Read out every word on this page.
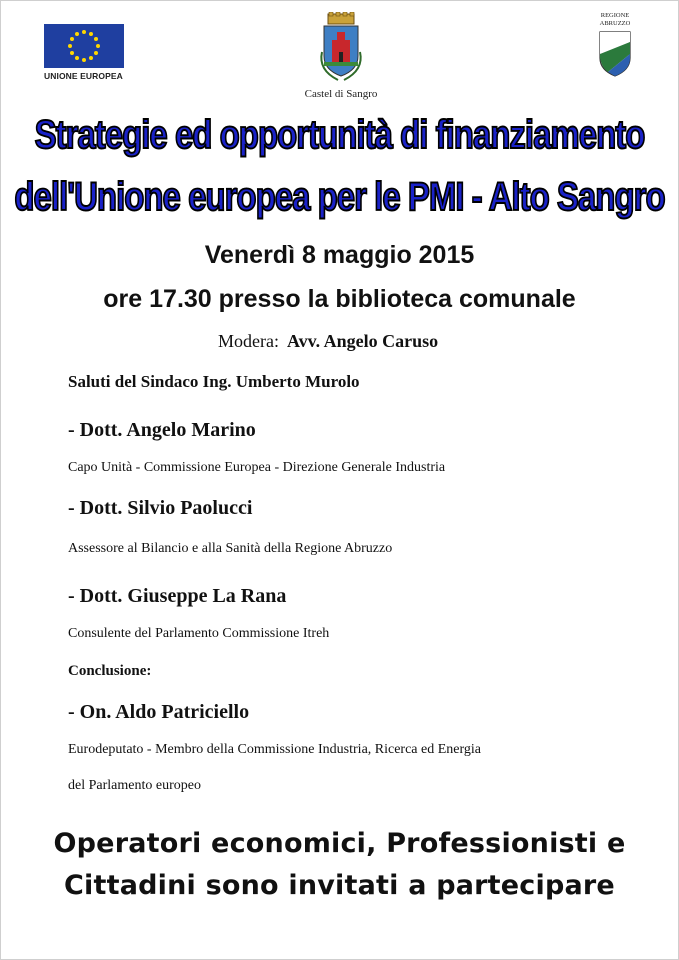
UNIONE EUROPEA
Castel di Sangro
REGIONE
ABRUZZO
Strategie ed opportunità di finanziamento
dell'Unione europea per le PMI - Alto Sangro
Venerdì 8 maggio 2015
ore 17.30 presso la biblioteca comunale
Modera: Avv. Angelo Caruso
Saluti del Sindaco Ing. Umberto Murolo
- Dott. Angelo Marino
Capo Unità - Commissione Europea - Direzione Generale Industria
- Dott. Silvio Paolucci
Assessore al Bilancio e alla Sanità della Regione Abruzzo
- Dott. Giuseppe La Rana
Consulente del Parlamento Commissione Itreh
Conclusione:
- On. Aldo Patriciello
Eurodeputato - Membro della Commissione Industria, Ricerca ed Energia
del Parlamento europeo
Operatori economici, Professionisti e
Cittadini sono invitati a partecipare
